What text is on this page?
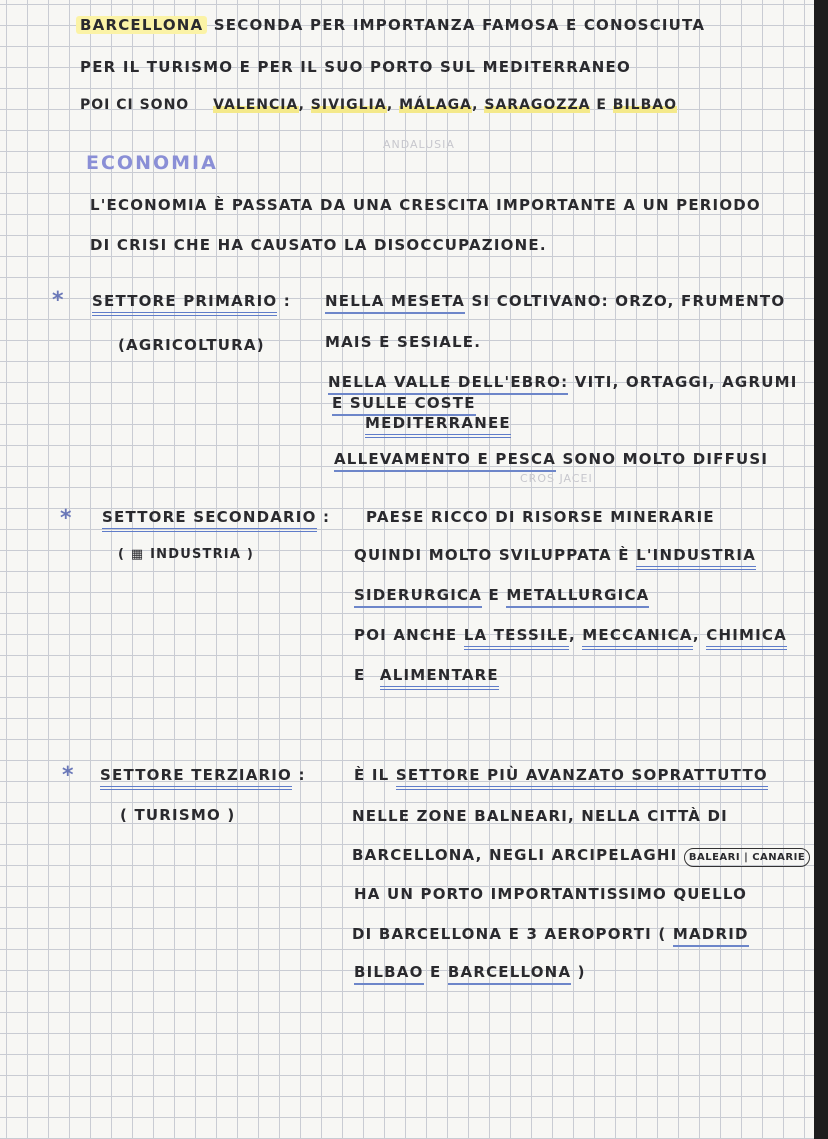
BARCELLONA SECONDA PER IMPORTANZA FAMOSA E CONOSCIUTA
PER IL TURISMO E PER IL SUO PORTO SUL MEDITERRANEO
POI CI SONO VALENCIA, SIVIGLIA, MÁLAGA, SARAGOZZA E BILBAO
ANDALUSIA
ECONOMIA
L'ECONOMIA È PASSATA DA UNA CRESCITA IMPORTANTE A UN PERIODO
DI CRISI CHE HA CAUSATO LA DISOCCUPAZIONE.
* SETTORE PRIMARIO :
(AGRICOLTURA)
NELLA MESETA SI COLTIVANO: ORZO, FRUMENTO
MAIS E SESIALE.
NELLA VALLE DELL'EBRO: VITI, ORTAGGI, AGRUMI
E SULLE COSTE
MEDITERRANEE
ALLEVAMENTO E PESCA SONO MOLTO DIFFUSI
CROS JACEI
* SETTORE SECONDARIO :
( ▦ INDUSTRIA )
PAESE RICCO DI RISORSE MINERARIE
QUINDI MOLTO SVILUPPATA È L'INDUSTRIA
SIDERURGICA E METALLURGICA
POI ANCHE LA TESSILE, MECCANICA, CHIMICA
E ALIMENTARE
* SETTORE TERZIARIO :
( TURISMO )
È IL SETTORE PIÙ AVANZATO SOPRATTUTTO
NELLE ZONE BALNEARI, NELLA CITTÀ DI
BARCELLONA, NEGLI ARCIPELAGHI BALEARI | CANARIE
HA UN PORTO IMPORTANTISSIMO QUELLO
DI BARCELLONA E 3 AEROPORTI ( MADRID
BILBAO E BARCELLONA )
